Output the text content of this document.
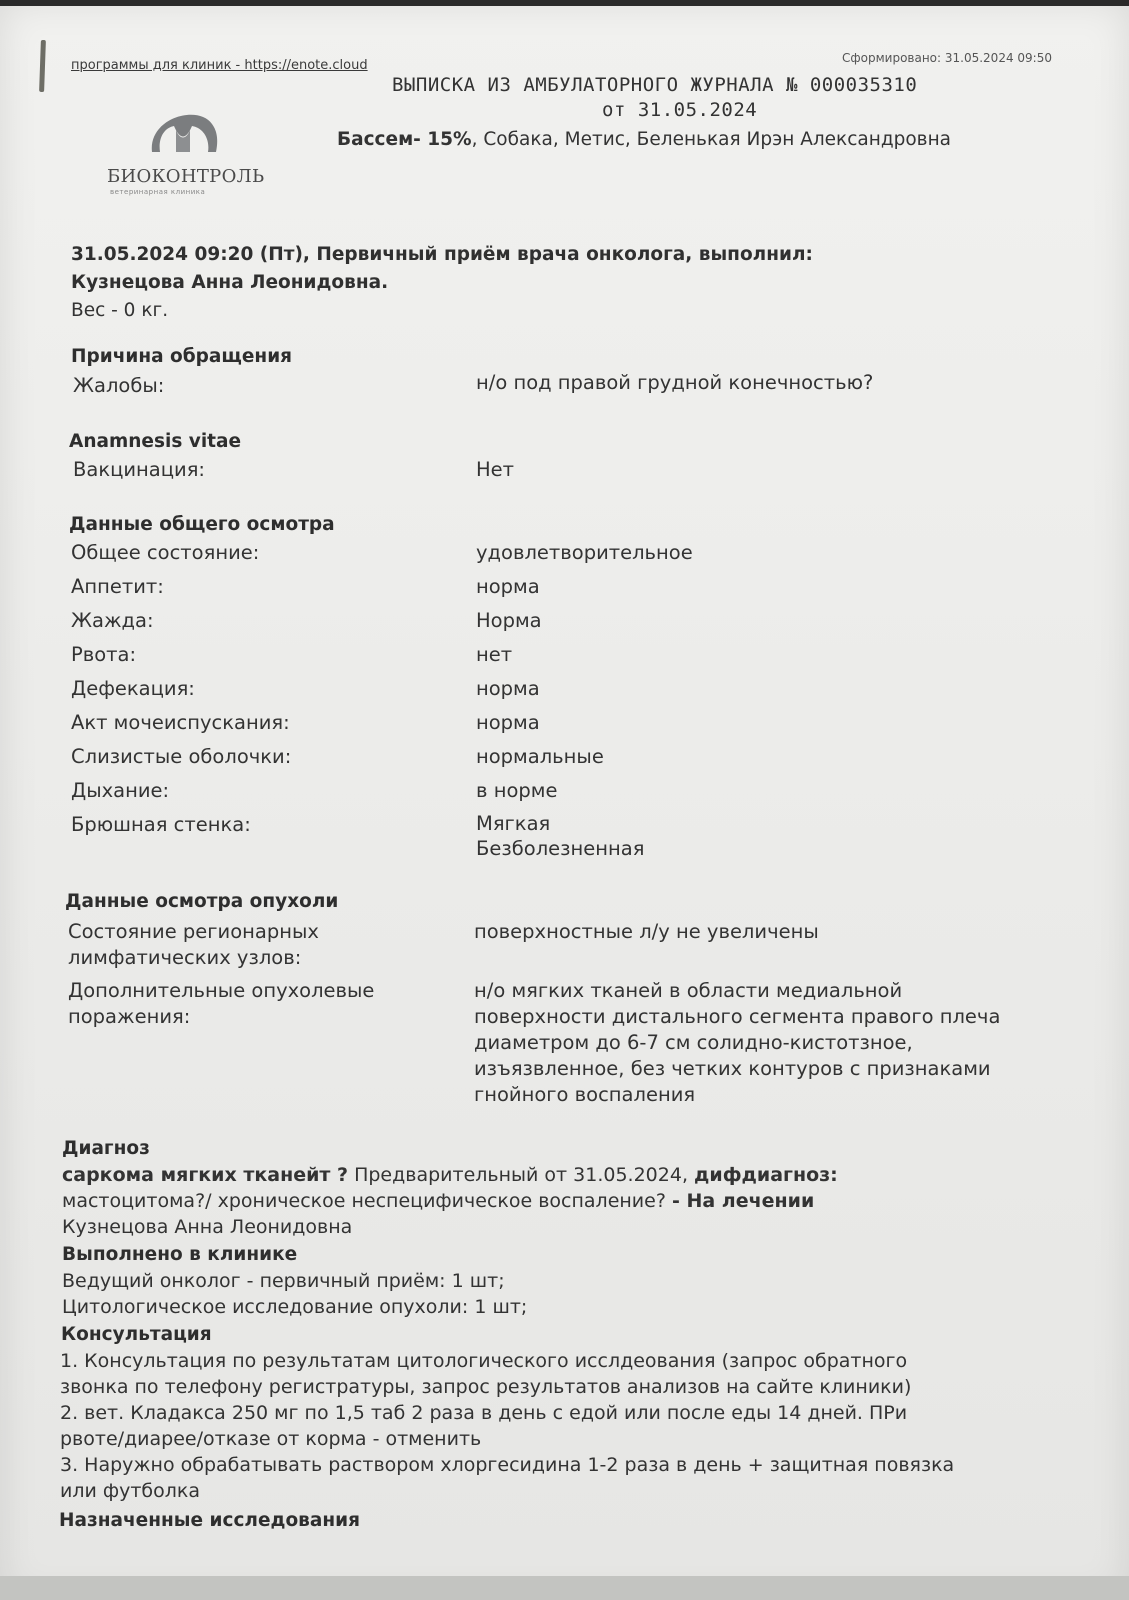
программы для клиник - https://enote.cloud	Сформировано: 31.05.2024 09:50
ВЫПИСКА ИЗ АМБУЛАТОРНОГО ЖУРНАЛА № 000035310
от 31.05.2024
Бассем- 15%, Собака, Метис, Беленькая Ирэн Александровна
БИОКОНТРОЛЬ
ветеринарная клиника
31.05.2024 09:20 (Пт), Первичный приём врача онколога, выполнил:
Кузнецова Анна Леонидовна.
Вес - 0 кг.
Причина обращения
Жалобы:	н/о под правой грудной конечностью?
Anamnesis vitae
Вакцинация:	Нет
Данные общего осмотра
Общее состояние:	удовлетворительное
Аппетит:	норма
Жажда:	Норма
Рвота:	нет
Дефекация:	норма
Акт мочеиспускания:	норма
Слизистые оболочки:	нормальные
Дыхание:	в норме
Брюшная стенка:	Мягкая
Безболезненная
Данные осмотра опухоли
Состояние регионарных
лимфатических узлов:
поверхностные л/у не увеличены
Дополнительные опухолевые
поражения:
н/о мягких тканей в области медиальной
поверхности дистального сегмента правого плеча
диаметром до 6-7 см солидно-кистотзное,
изъязвленное, без четких контуров с признаками
гнойного воспаления
Диагноз
саркома мягких тканейт ? Предварительный от 31.05.2024, дифдиагноз:
мастоцитома?/ хроническое неспецифическое воспаление? - На лечении
Кузнецова Анна Леонидовна
Выполнено в клинике
Ведущий онколог - первичный приём: 1 шт;
Цитологическое исследование опухоли: 1 шт;
Консультация
1. Консультация по результатам цитологического исслдеования (запрос обратного
звонка по телефону регистратуры, запрос результатов анализов на сайте клиники)
2. вет. Кладакса 250 мг по 1,5 таб 2 раза в день с едой или после еды 14 дней. ПРи
рвоте/диарее/отказе от корма - отменить
3. Наружно обрабатывать раствором хлоргесидина 1-2 раза в день + защитная повязка
или футболка
Назначенные исследования
